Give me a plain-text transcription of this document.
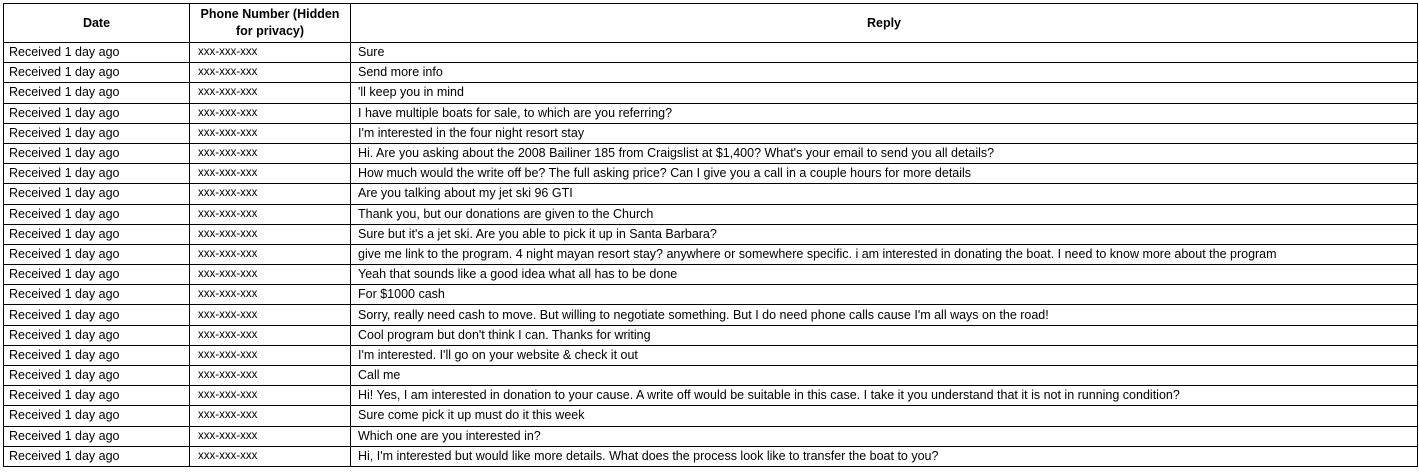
Date	Phone Number (Hidden for privacy)	Reply
Received 1 day ago	xxx-xxx-xxx	Sure
Received 1 day ago	xxx-xxx-xxx	Send more info
Received 1 day ago	xxx-xxx-xxx	'll keep you in mind
Received 1 day ago	xxx-xxx-xxx	I have multiple boats for sale, to which are you referring?
Received 1 day ago	xxx-xxx-xxx	I'm interested in the four night resort stay
Received 1 day ago	xxx-xxx-xxx	Hi. Are you asking about the 2008 Bailiner 185 from Craigslist at $1,400? What's your email to send you all details?
Received 1 day ago	xxx-xxx-xxx	How much would the write off be? The full asking price? Can I give you a call in a couple hours for more details
Received 1 day ago	xxx-xxx-xxx	Are you talking about my jet ski 96 GTI
Received 1 day ago	xxx-xxx-xxx	Thank you, but our donations are given to the Church
Received 1 day ago	xxx-xxx-xxx	Sure but it's a jet ski. Are you able to pick it up in Santa Barbara?
Received 1 day ago	xxx-xxx-xxx	give me link to the program. 4 night mayan resort stay? anywhere or somewhere specific. i am interested in donating the boat. I need to know more about the program
Received 1 day ago	xxx-xxx-xxx	Yeah that sounds like a good idea what all has to be done
Received 1 day ago	xxx-xxx-xxx	For $1000 cash
Received 1 day ago	xxx-xxx-xxx	Sorry, really need cash to move. But willing to negotiate something. But I do need phone calls cause I'm all ways on the road!
Received 1 day ago	xxx-xxx-xxx	Cool program but don't think I can. Thanks for writing
Received 1 day ago	xxx-xxx-xxx	I'm interested. I'll go on your website & check it out
Received 1 day ago	xxx-xxx-xxx	Call me
Received 1 day ago	xxx-xxx-xxx	Hi! Yes, I am interested in donation to your cause. A write off would be suitable in this case. I take it you understand that it is not in running condition?
Received 1 day ago	xxx-xxx-xxx	Sure come pick it up must do it this week
Received 1 day ago	xxx-xxx-xxx	Which one are you interested in?
Received 1 day ago	xxx-xxx-xxx	Hi, I'm interested but would like more details. What does the process look like to transfer the boat to you?
